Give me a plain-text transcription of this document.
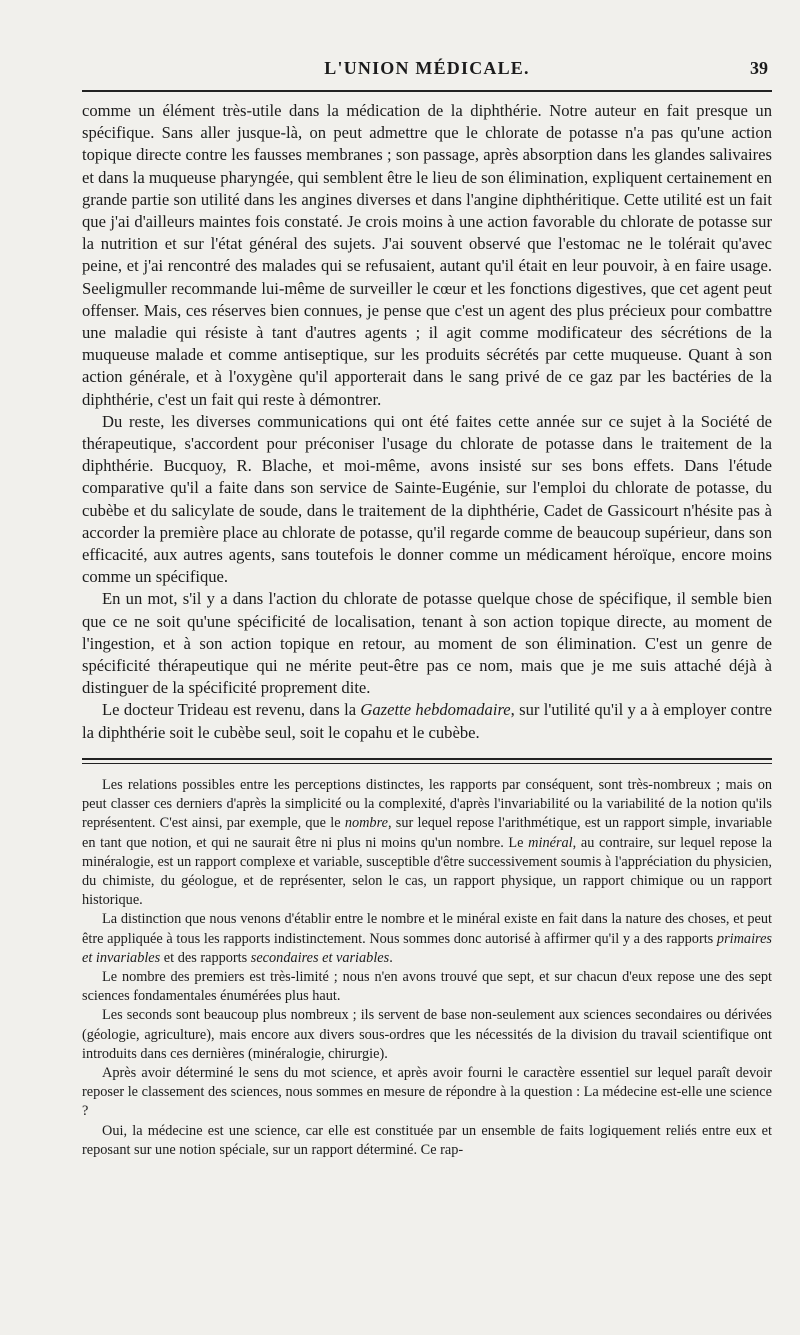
L'UNION MÉDICALE.	39

comme un élément très-utile dans la médication de la diphthérie. Notre auteur en fait presque un spécifique. Sans aller jusque-là, on peut admettre que le chlorate de potasse n'a pas qu'une action topique directe contre les fausses membranes ; son passage, après absorption dans les glandes salivaires et dans la muqueuse pharyngée, qui semblent être le lieu de son élimination, expliquent certainement en grande partie son utilité dans les angines diverses et dans l'angine diphthéritique. Cette utilité est un fait que j'ai d'ailleurs maintes fois constaté. Je crois moins à une action favorable du chlorate de potasse sur la nutrition et sur l'état général des sujets. J'ai souvent observé que l'estomac ne le tolérait qu'avec peine, et j'ai rencontré des malades qui se refusaient, autant qu'il était en leur pouvoir, à en faire usage. Seeligmuller recommande lui-même de surveiller le cœur et les fonctions digestives, que cet agent peut offenser. Mais, ces réserves bien connues, je pense que c'est un agent des plus précieux pour combattre une maladie qui résiste à tant d'autres agents ; il agit comme modificateur des sécrétions de la muqueuse malade et comme antiseptique, sur les produits sécrétés par cette muqueuse. Quant à son action générale, et à l'oxygène qu'il apporterait dans le sang privé de ce gaz par les bactéries de la diphthérie, c'est un fait qui reste à démontrer.

Du reste, les diverses communications qui ont été faites cette année sur ce sujet à la Société de thérapeutique, s'accordent pour préconiser l'usage du chlorate de potasse dans le traitement de la diphthérie. Bucquoy, R. Blache, et moi-même, avons insisté sur ses bons effets. Dans l'étude comparative qu'il a faite dans son service de Sainte-Eugénie, sur l'emploi du chlorate de potasse, du cubèbe et du salicylate de soude, dans le traitement de la diphthérie, Cadet de Gassicourt n'hésite pas à accorder la première place au chlorate de potasse, qu'il regarde comme de beaucoup supérieur, dans son efficacité, aux autres agents, sans toutefois le donner comme un médicament héroïque, encore moins comme un spécifique.

En un mot, s'il y a dans l'action du chlorate de potasse quelque chose de spécifique, il semble bien que ce ne soit qu'une spécificité de localisation, tenant à son action topique directe, au moment de l'ingestion, et à son action topique en retour, au moment de son élimination. C'est un genre de spécificité thérapeutique qui ne mérite peut-être pas ce nom, mais que je me suis attaché déjà à distinguer de la spécificité proprement dite.

Le docteur Trideau est revenu, dans la Gazette hebdomadaire, sur l'utilité qu'il y a à employer contre la diphthérie soit le cubèbe seul, soit le copahu et le cubèbe.

Les relations possibles entre les perceptions distinctes, les rapports par conséquent, sont très-nombreux ; mais on peut classer ces derniers d'après la simplicité ou la complexité, d'après l'invariabilité ou la variabilité de la notion qu'ils représentent. C'est ainsi, par exemple, que le nombre, sur lequel repose l'arithmétique, est un rapport simple, invariable en tant que notion, et qui ne saurait être ni plus ni moins qu'un nombre. Le minéral, au contraire, sur lequel repose la minéralogie, est un rapport complexe et variable, susceptible d'être successivement soumis à l'appréciation du physicien, du chimiste, du géologue, et de représenter, selon le cas, un rapport physique, un rapport chimique ou un rapport historique.

La distinction que nous venons d'établir entre le nombre et le minéral existe en fait dans la nature des choses, et peut être appliquée à tous les rapports indistinctement. Nous sommes donc autorisé à affirmer qu'il y a des rapports primaires et invariables et des rapports secondaires et variables.

Le nombre des premiers est très-limité ; nous n'en avons trouvé que sept, et sur chacun d'eux repose une des sept sciences fondamentales énumérées plus haut.

Les seconds sont beaucoup plus nombreux ; ils servent de base non-seulement aux sciences secondaires ou dérivées (géologie, agriculture), mais encore aux divers sous-ordres que les nécessités de la division du travail scientifique ont introduits dans ces dernières (minéralogie, chirurgie).

Après avoir déterminé le sens du mot science, et après avoir fourni le caractère essentiel sur lequel paraît devoir reposer le classement des sciences, nous sommes en mesure de répondre à la question : La médecine est-elle une science ?

Oui, la médecine est une science, car elle est constituée par un ensemble de faits logiquement reliés entre eux et reposant sur une notion spéciale, sur un rapport déterminé. Ce rap-
